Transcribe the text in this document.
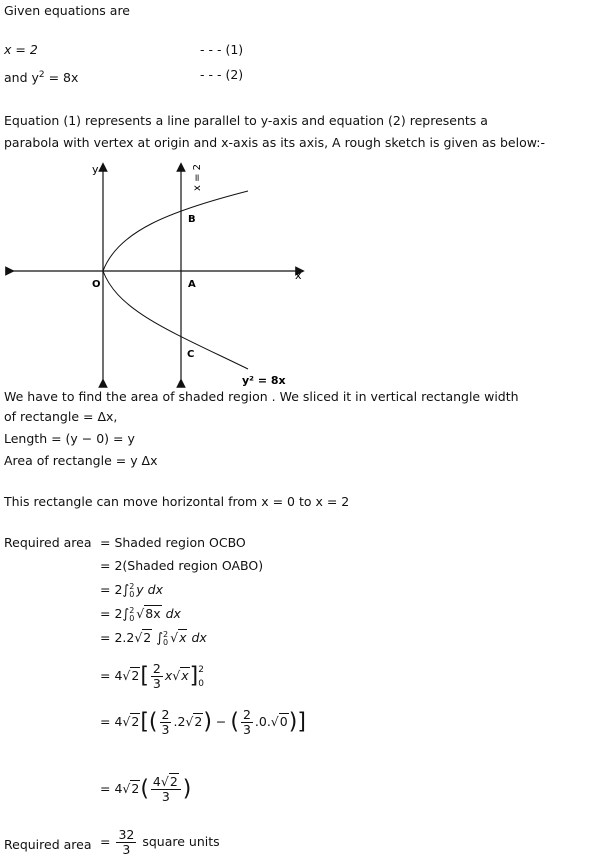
Given equations are
x = 2	- - - (1)
and $y^2 = 8x$	- - - (2)
Equation (1) represents a line parallel to y-axis and equation (2) represents a
parabola with vertex at origin and x-axis as its axis, A rough sketch is given as below:-
y
x
x = 2
O	A
B
C
y² = 8x
We have to find the area of shaded region . We sliced it in vertical rectangle width
of rectangle = Δx,
Length = (y − 0) = y
Area of rectangle = y Δx
This rectangle can move horizontal from x = 0 to x = 2
Required area = Shaded region OCBO
= 2(Shaded region OABO)
= 2∫ 2
0 y dx
= 2∫ 2
0 √8x dx
= 2.2√2 ∫ 2
0 √x dx
= $4√2[ \frac{2}{3} x√x]$ 2
0
= $4√2[( \frac{2}{3} .2√2)$ − ( $\frac{2}{3} .0.√0$)]
= $4√2( \frac{4√2}{3}$ )
Required area = $\frac{32}{3}$ square units
